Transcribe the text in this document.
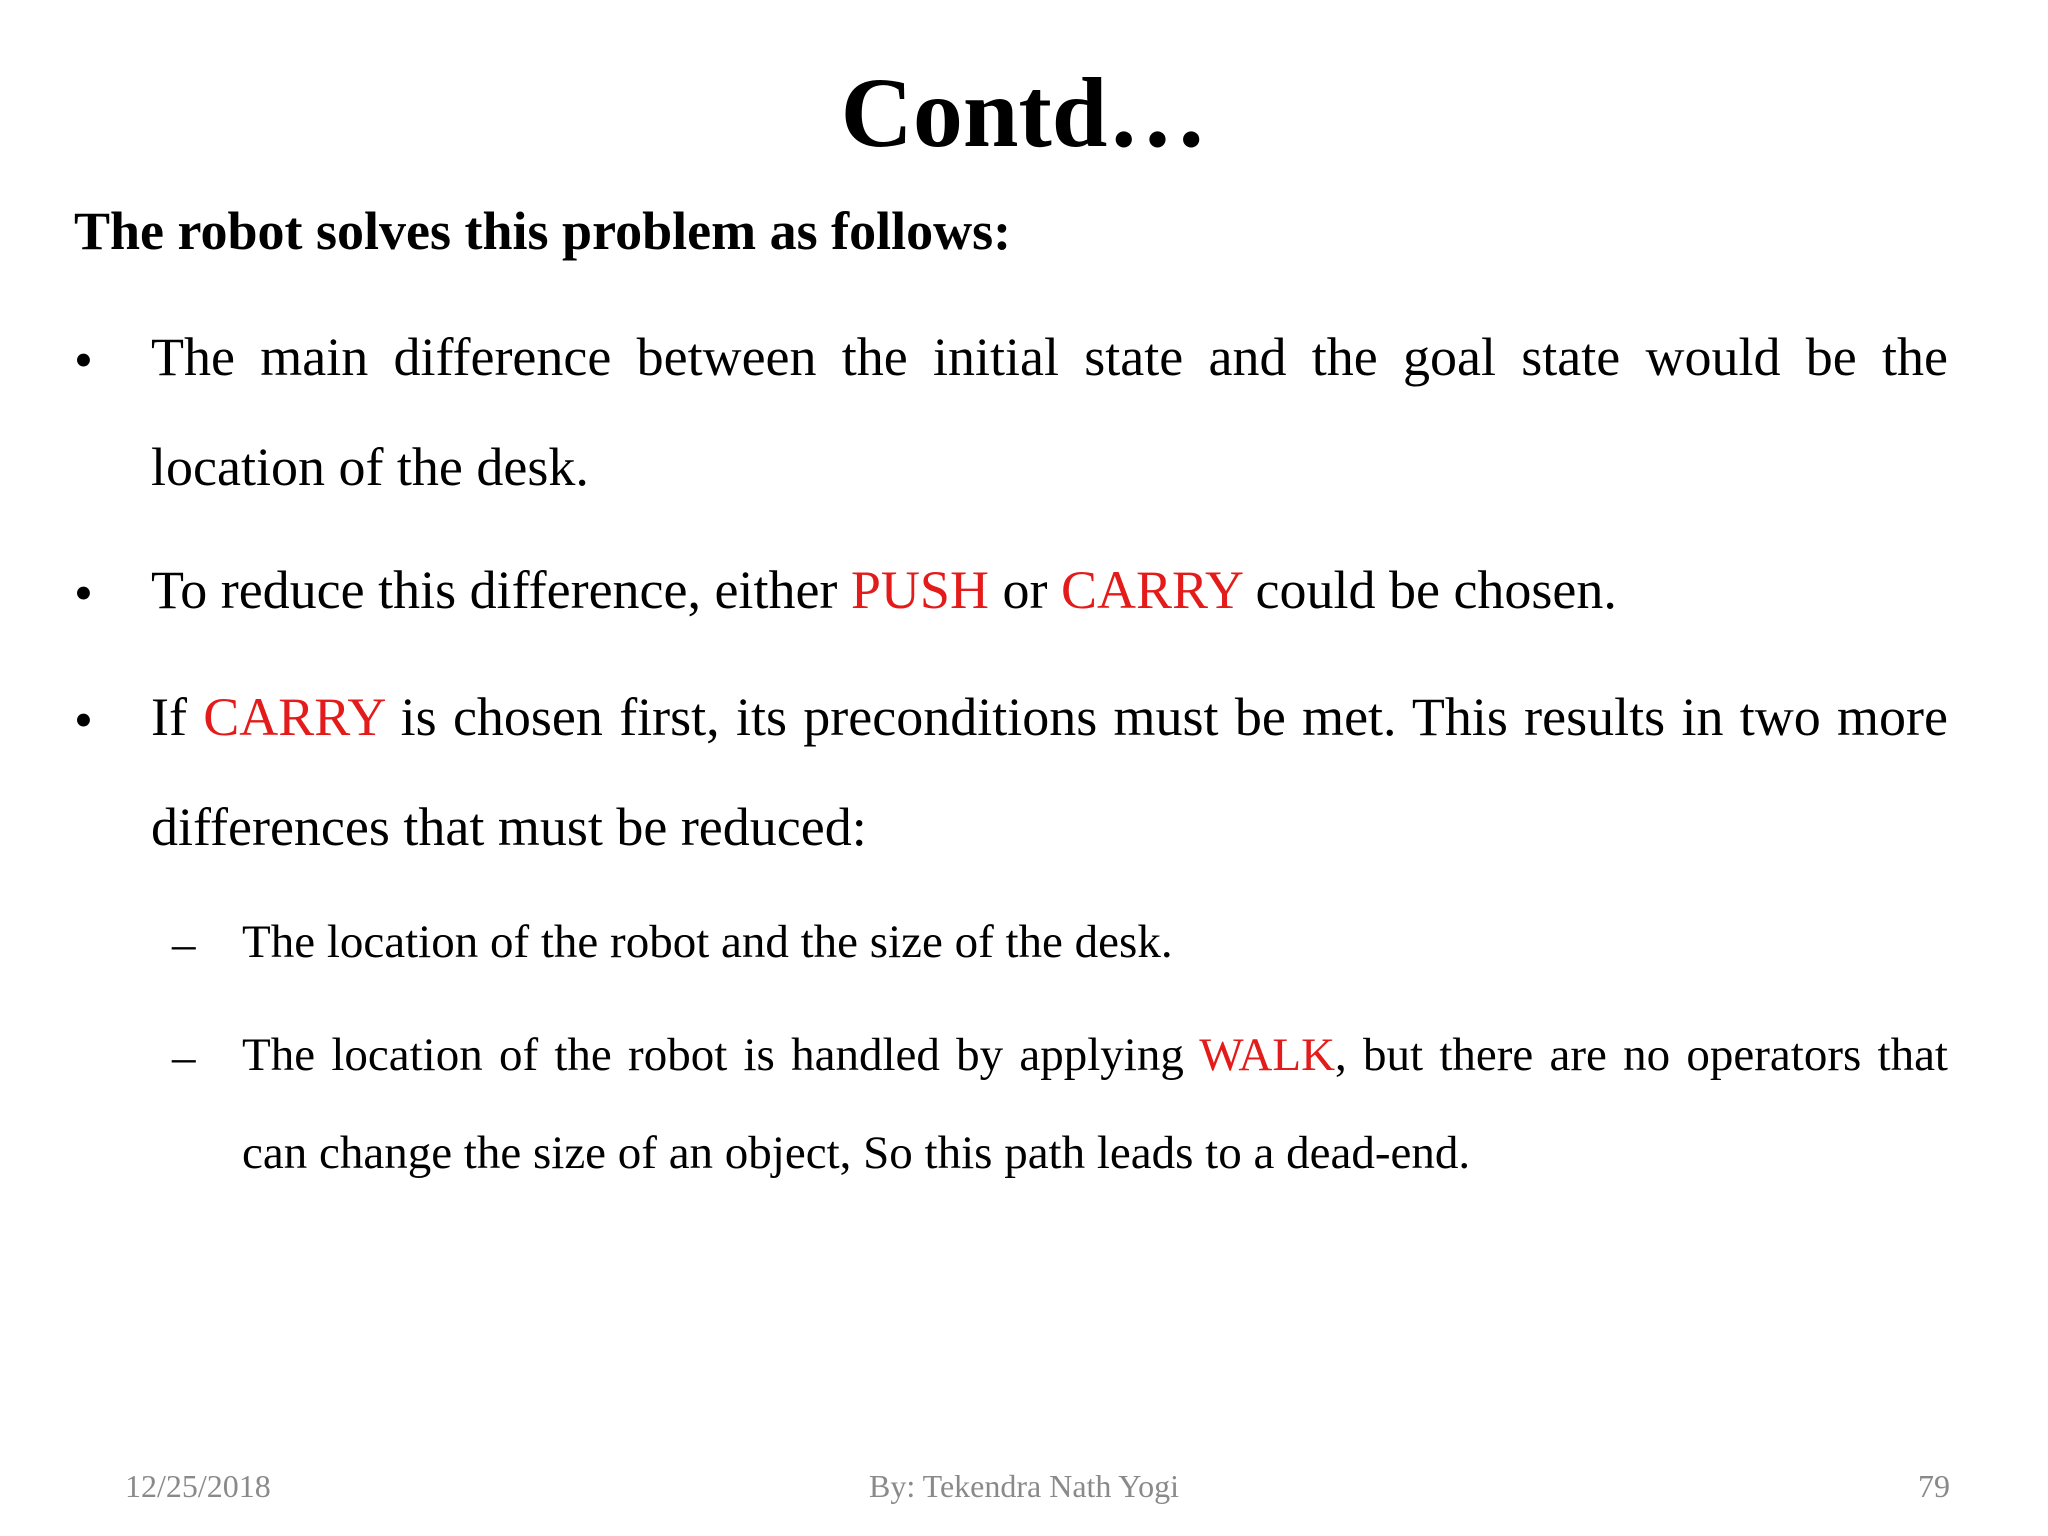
Contd…
The robot solves this problem as follows:
•	The main difference between the initial state and the goal state would be the location of the desk.
•	To reduce this difference, either PUSH or CARRY could be chosen.
•	If CARRY is chosen first, its preconditions must be met. This results in two more differences that must be reduced:
– The location of the robot and the size of the desk.
– The location of the robot is handled by applying WALK, but there are no operators that can change the size of an object, So this path leads to a dead-end.
12/25/2018	By: Tekendra Nath Yogi	79
